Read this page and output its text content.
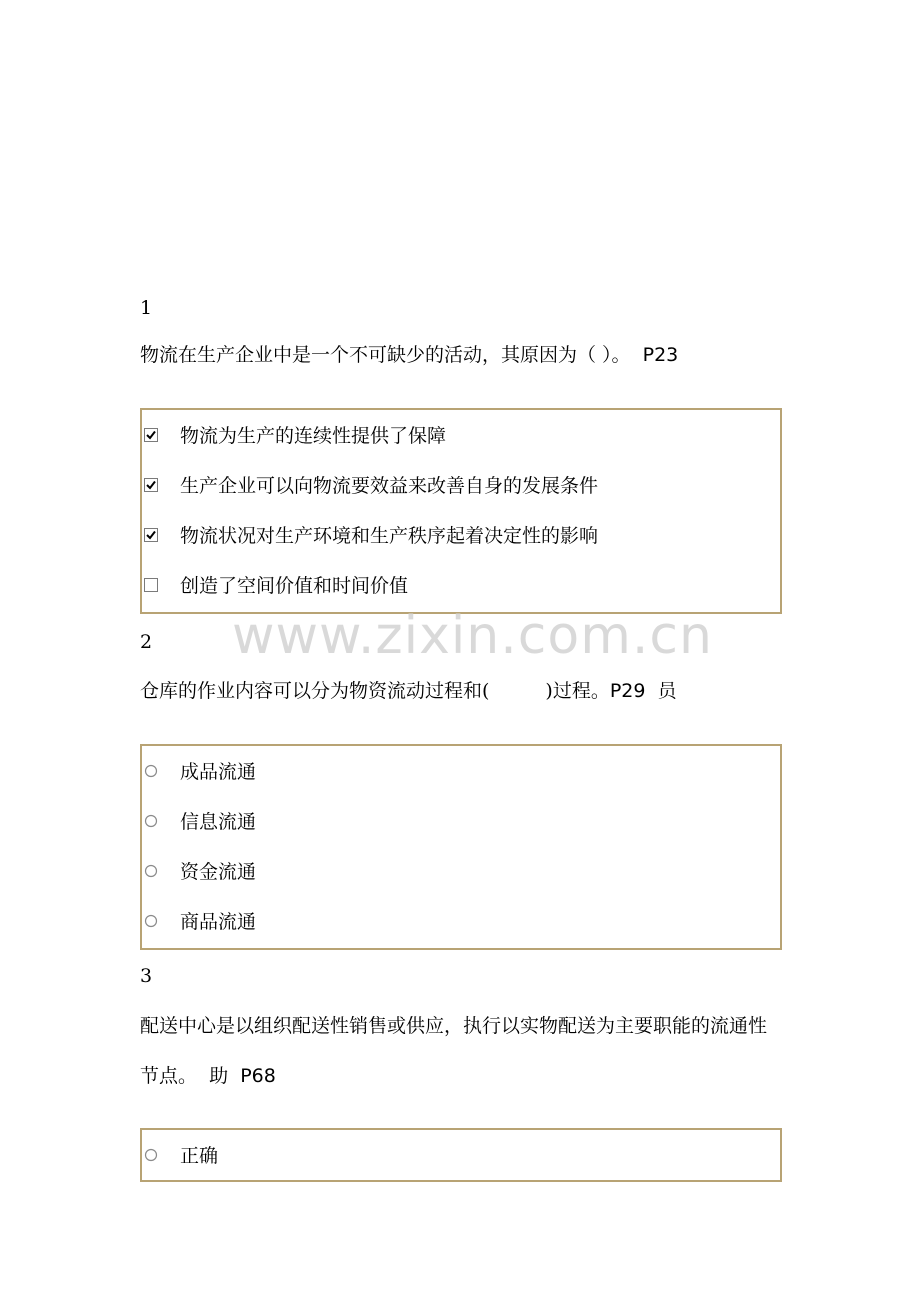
1
物流在生产企业中是一个不可缺少的活动，其原因为（ ）。 P23
物流为生产的连续性提供了保障
生产企业可以向物流要效益来改善自身的发展条件
物流状况对生产环境和生产秩序起着决定性的影响
创造了空间价值和时间价值
www.zixin.com.cn
2
仓库的作业内容可以分为物资流动过程和(	)过程。P29 员
成品流通
信息流通
资金流通
商品流通
3
配送中心是以组织配送性销售或供应，执行以实物配送为主要职能的流通性节点。 助 P68
正确
